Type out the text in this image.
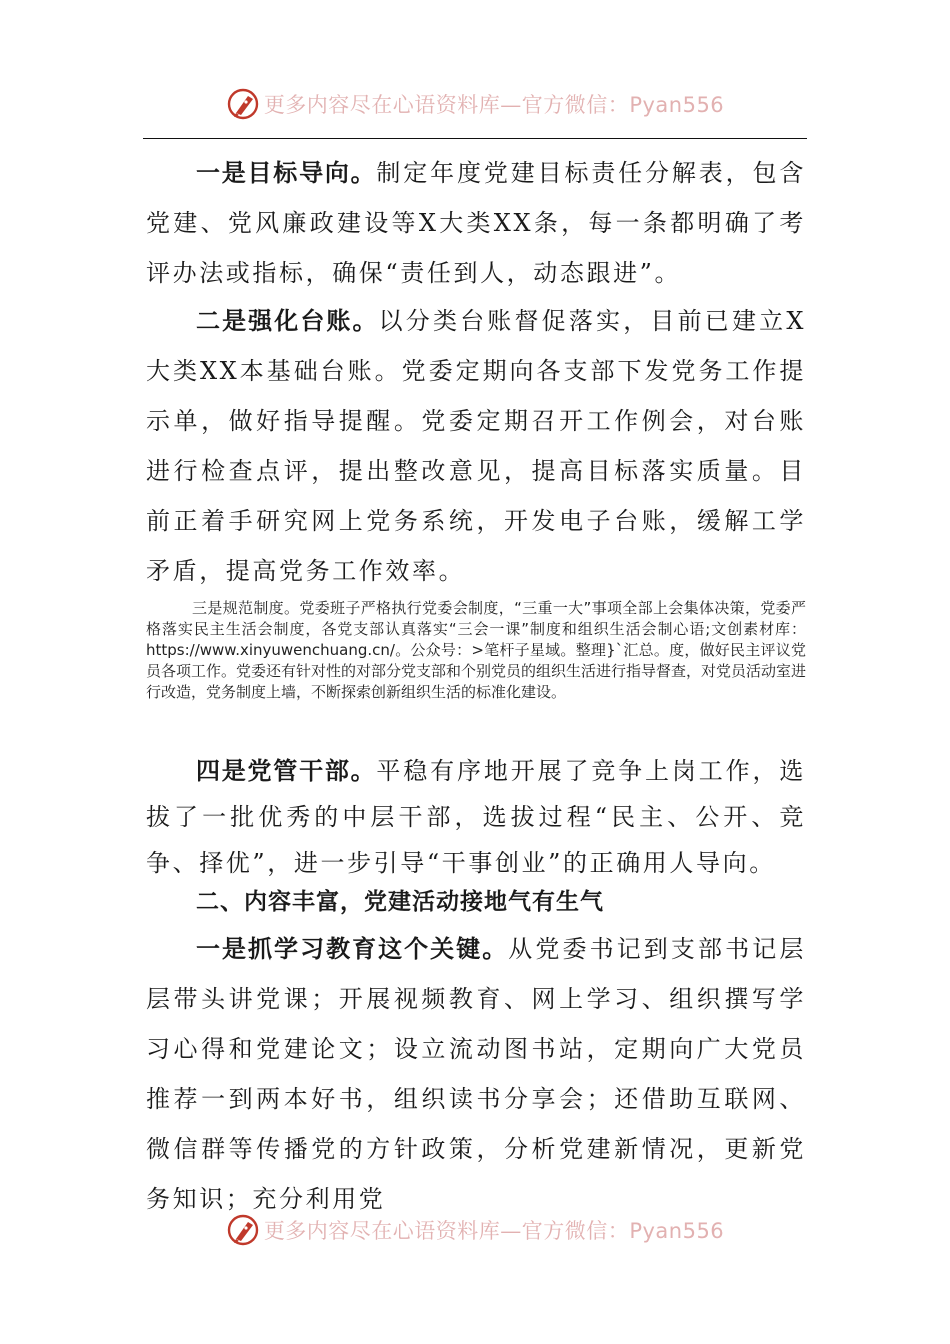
更多内容尽在心语资料库—官方微信：Pyan556

一是目标导向。制定年度党建目标责任分解表，包含党建、党风廉政建设等X大类XX条，每一条都明确了考评办法或指标，确保“责任到人，动态跟进”。

二是强化台账。以分类台账督促落实，目前已建立X大类XX本基础台账。党委定期向各支部下发党务工作提示单，做好指导提醒。党委定期召开工作例会，对台账进行检查点评，提出整改意见，提高目标落实质量。目前正着手研究网上党务系统，开发电子台账，缓解工学矛盾，提高党务工作效率。

三是规范制度。党委班子严格执行党委会制度，“三重一大”事项全部上会集体决策，党委严格落实民主生活会制度，各党支部认真落实“三会一课”制度和组织生活会制心语;文创素材库：https://www.xinyuwenchuang.cn/。公众号：>笔杆子星域。整理}`汇总。度，做好民主评议党员各项工作。党委还有针对性的对部分党支部和个别党员的组织生活进行指导督查，对党员活动室进行改造，党务制度上墙，不断探索创新组织生活的标准化建设。

四是党管干部。平稳有序地开展了竞争上岗工作，选拔了一批优秀的中层干部，选拔过程“民主、公开、竞争、择优”，进一步引导“干事创业”的正确用人导向。

二、内容丰富，党建活动接地气有生气

一是抓学习教育这个关键。从党委书记到支部书记层层带头讲党课；开展视频教育、网上学习、组织撰写学习心得和党建论文；设立流动图书站，定期向广大党员推荐一到两本好书，组织读书分享会；还借助互联网、微信群等传播党的方针政策，分析党建新情况，更新党务知识；充分利用党

更多内容尽在心语资料库—官方微信：Pyan556
